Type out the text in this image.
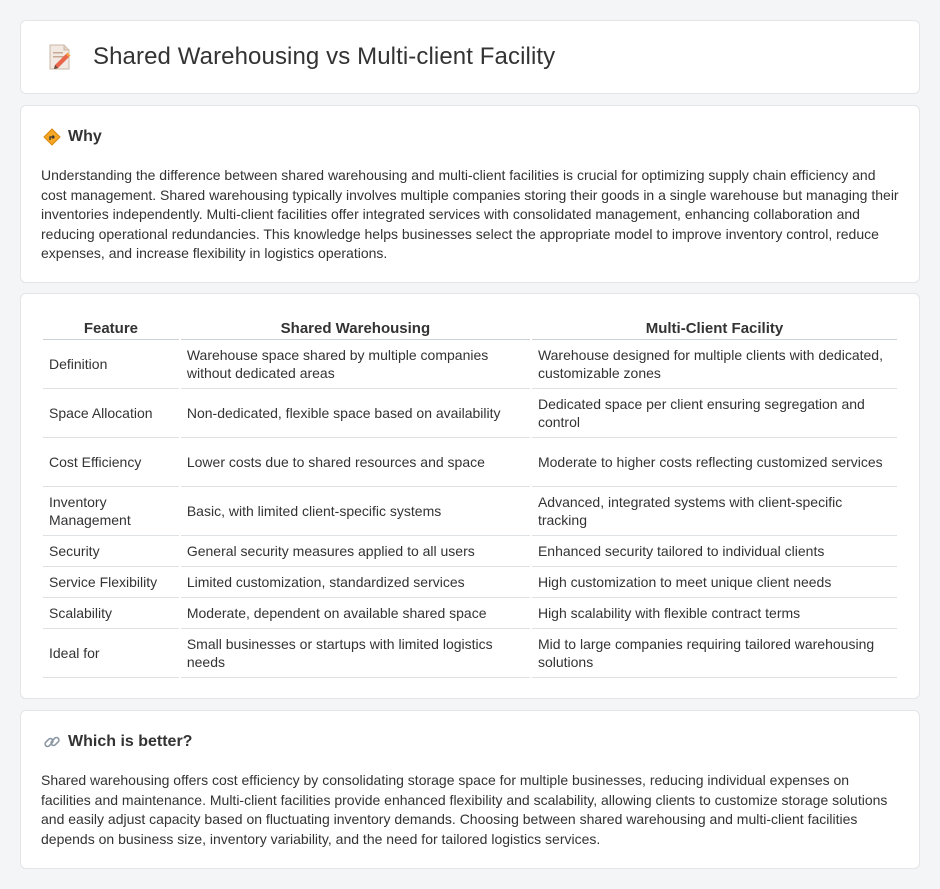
Shared Warehousing vs Multi-client Facility
Why

Understanding the difference between shared warehousing and multi-client facilities is crucial for optimizing supply chain efficiency and cost management. Shared warehousing typically involves multiple companies storing their goods in a single warehouse but managing their inventories independently. Multi-client facilities offer integrated services with consolidated management, enhancing collaboration and reducing operational redundancies. This knowledge helps businesses select the appropriate model to improve inventory control, reduce expenses, and increase flexibility in logistics operations.

Feature	Shared Warehousing	Multi-Client Facility
Definition	Warehouse space shared by multiple companies without dedicated areas	Warehouse designed for multiple clients with dedicated, customizable zones
Space Allocation	Non-dedicated, flexible space based on availability	Dedicated space per client ensuring segregation and control
Cost Efficiency	Lower costs due to shared resources and space	Moderate to higher costs reflecting customized services
Inventory Management	Basic, with limited client-specific systems	Advanced, integrated systems with client-specific tracking
Security	General security measures applied to all users	Enhanced security tailored to individual clients
Service Flexibility	Limited customization, standardized services	High customization to meet unique client needs
Scalability	Moderate, dependent on available shared space	High scalability with flexible contract terms
Ideal for	Small businesses or startups with limited logistics needs	Mid to large companies requiring tailored warehousing solutions
Which is better?

Shared warehousing offers cost efficiency by consolidating storage space for multiple businesses, reducing individual expenses on facilities and maintenance. Multi-client facilities provide enhanced flexibility and scalability, allowing clients to customize storage solutions and easily adjust capacity based on fluctuating inventory demands. Choosing between shared warehousing and multi-client facilities depends on business size, inventory variability, and the need for tailored logistics services.
